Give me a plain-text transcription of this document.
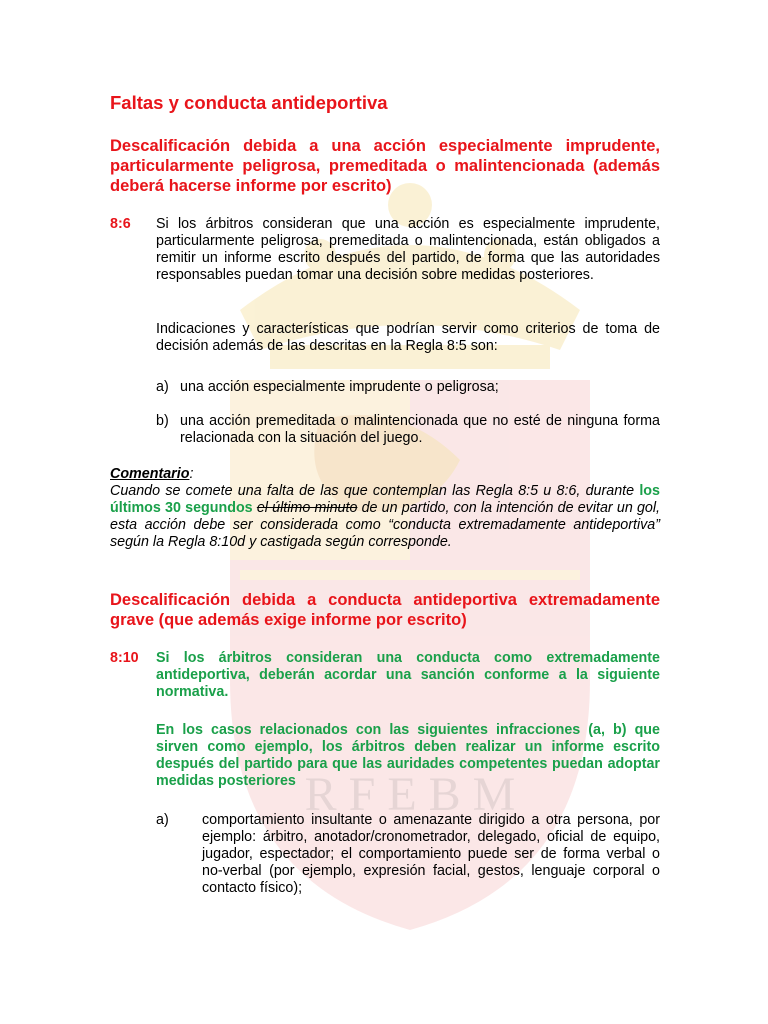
R F E B M
Faltas y conducta antideportiva
Descalificación debida a una acción especialmente imprudente, particularmente peligrosa, premeditada o malintencionada (además deberá hacerse informe por escrito)
8:6 Si los árbitros consideran que una acción es especialmente imprudente, particularmente peligrosa, premeditada o malintencionada, están obligados a remitir un informe escrito después del partido, de forma que las autoridades responsables puedan tomar una decisión sobre medidas posteriores.
Indicaciones y características que podrían servir como criterios de toma de decisión además de las descritas en la Regla 8:5 son:
a) una acción especialmente imprudente o peligrosa;
b) una acción premeditada o malintencionada que no esté de ninguna forma relacionada con la situación del juego.
Comentario:
Cuando se comete una falta de las que contemplan las Regla 8:5 u 8:6, durante los últimos 30 segundos el último minuto de un partido, con la intención de evitar un gol, esta acción debe ser considerada como “conducta extremadamente antideportiva” según la Regla 8:10d y castigada según corresponde.
Descalificación debida a conducta antideportiva extremadamente grave (que además exige informe por escrito)
8:10 Si los árbitros consideran una conducta como extremadamente antideportiva, deberán acordar una sanción conforme a la siguiente normativa.
En los casos relacionados con las siguientes infracciones (a, b) que sirven como ejemplo, los árbitros deben realizar un informe escrito después del partido para que las auridades competentes puedan adoptar medidas posteriores
a) comportamiento insultante o amenazante dirigido a otra persona, por ejemplo: árbitro, anotador/cronometrador, delegado, oficial de equipo, jugador, espectador; el comportamiento puede ser de forma verbal o no-verbal (por ejemplo, expresión facial, gestos, lenguaje corporal o contacto físico);
